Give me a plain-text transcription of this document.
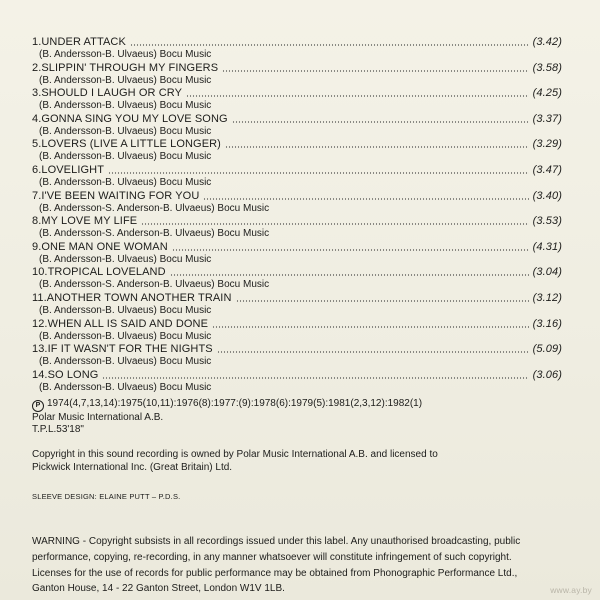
1. UNDER ATTACK	(3.42)
(B. Andersson-B. Ulvaeus) Bocu Music
2. SLIPPIN' THROUGH MY FINGERS	(3.58)
(B. Andersson-B. Ulvaeus) Bocu Music
3. SHOULD I LAUGH OR CRY	(4.25)
(B. Andersson-B. Ulvaeus) Bocu Music
4. GONNA SING YOU MY LOVE SONG	(3.37)
(B. Andersson-B. Ulvaeus) Bocu Music
5. LOVERS (LIVE A LITTLE LONGER)	(3.29)
(B. Andersson-B. Ulvaeus) Bocu Music
6. LOVELIGHT	(3.47)
(B. Andersson-B. Ulvaeus) Bocu Music
7. I'VE BEEN WAITING FOR YOU	(3.40)
(B. Andersson-S. Anderson-B. Ulvaeus) Bocu Music
8. MY LOVE MY LIFE	(3.53)
(B. Andersson-S. Anderson-B. Ulvaeus) Bocu Music
9. ONE MAN ONE WOMAN	(4.31)
(B. Andersson-B. Ulvaeus) Bocu Music
10. TROPICAL LOVELAND	(3.04)
(B. Andersson-S. Anderson-B. Ulvaeus) Bocu Music
11. ANOTHER TOWN ANOTHER TRAIN	(3.12)
(B. Andersson-B. Ulvaeus) Bocu Music
12. WHEN ALL IS SAID AND DONE	(3.16)
(B. Andersson-B. Ulvaeus) Bocu Music
13. IF IT WASN'T FOR THE NIGHTS	(5.09)
(B. Andersson-B. Ulvaeus) Bocu Music
14. SO LONG	(3.06)
(B. Andersson-B. Ulvaeus) Bocu Music
P 1974(4,7,13,14):1975(10,11):1976(8):1977:(9):1978(6):1979(5):1981(2,3,12):1982(1)
Polar Music International A.B.
T.P.L.53'18"
Copyright in this sound recording is owned by Polar Music International A.B. and licensed to
Pickwick International Inc. (Great Britain) Ltd.
SLEEVE DESIGN: ELAINE PUTT – P.D.S.
WARNING - Copyright subsists in all recordings issued under this label. Any unauthorised broadcasting, public
performance, copying, re-recording, in any manner whatsoever will constitute infringement of such copyright.
Licenses for the use of records for public performance may be obtained from Phonographic Performance Ltd.,
Ganton House, 14 - 22 Ganton Street, London W1V 1LB.	www.ay.by
